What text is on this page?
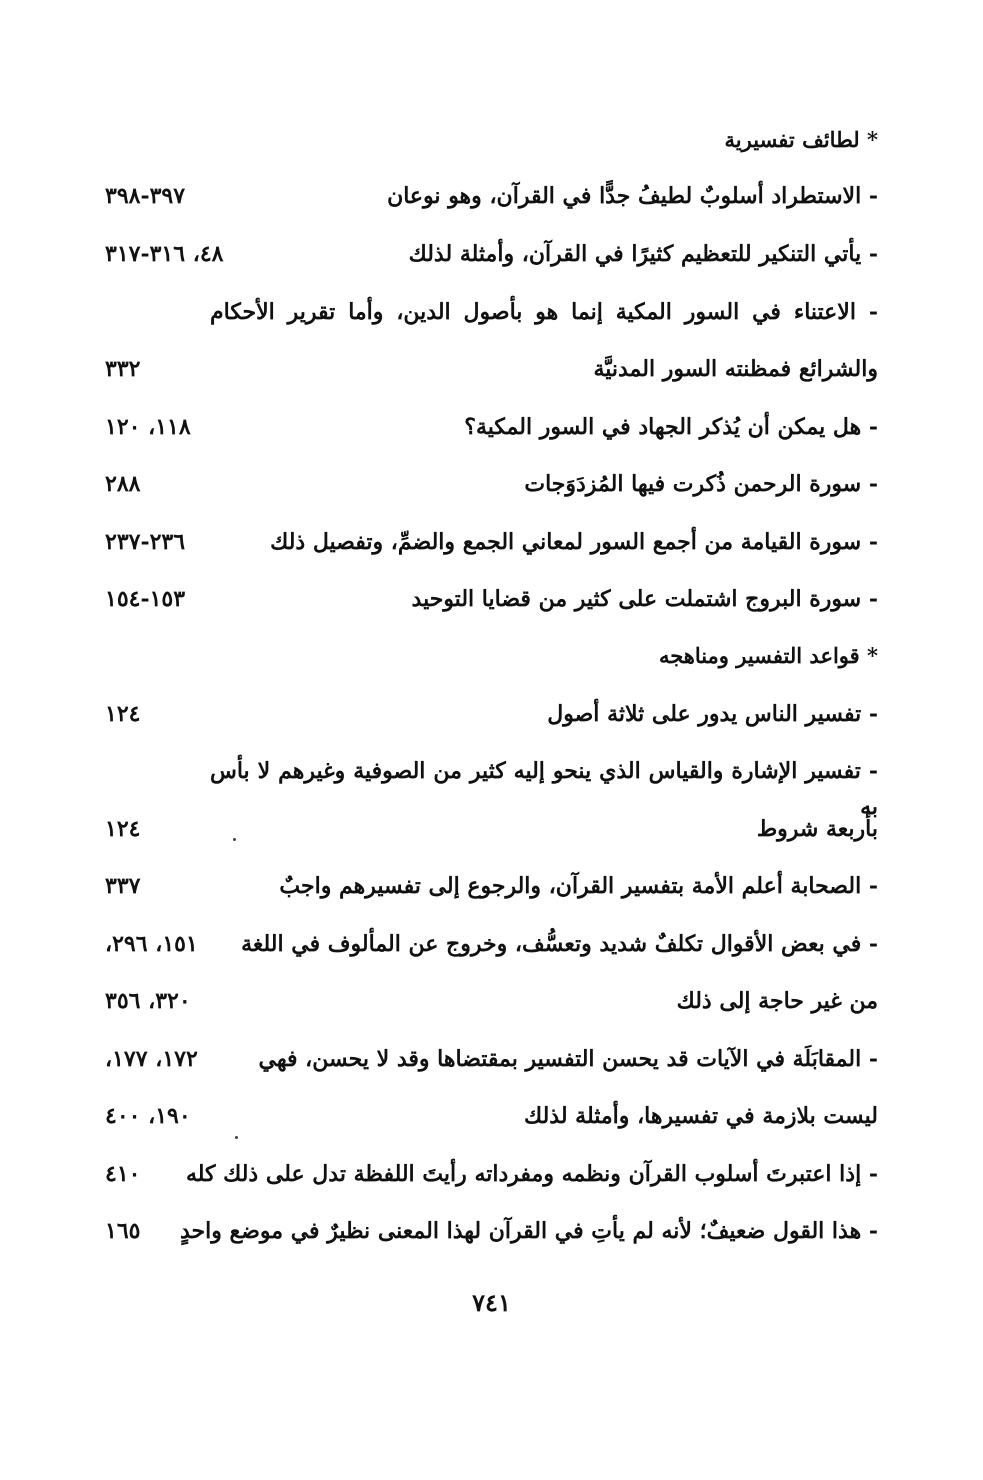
* لطائف تفسيرية
- الاستطراد أسلوبٌ لطيفُ جدًّا في القرآن، وهو نوعان
٣٩٧-٣٩٨
- يأتي التنكير للتعظيم كثيرًا في القرآن، وأمثلة لذلك
٤٨، ٣١٦-٣١٧
- الاعتناء في السور المكية إنما هو بأصول الدين، وأما تقرير الأحكام
والشرائع فمظنته السور المدنيَّة
٣٣٢
- هل يمكن أن يُذكر الجهاد في السور المكية؟
١١٨، ١٢٠
- سورة الرحمن ذُكرت فيها المُزدَوَجات
٢٨٨
- سورة القيامة من أجمع السور لمعاني الجمع والضمِّ، وتفصيل ذلك
٢٣٦-٢٣٧
- سورة البروج اشتملت على كثير من قضايا التوحيد
١٥٣-١٥٤
* قواعد التفسير ومناهجه
- تفسير الناس يدور على ثلاثة أصول
١٢٤
- تفسير الإشارة والقياس الذي ينحو إليه كثير من الصوفية وغيرهم لا بأس به
بأربعة شروط
١٢٤
- الصحابة أعلم الأمة بتفسير القرآن، والرجوع إلى تفسيرهم واجبٌ
٣٣٧
- في بعض الأقوال تكلفٌ شديد وتعسُّف، وخروج عن المألوف في اللغة
١٥١، ٢٩٦،
من غير حاجة إلى ذلك
٣٢٠، ٣٥٦
- المقابَلَة في الآيات قد يحسن التفسير بمقتضاها وقد لا يحسن، فهي
١٧٢، ١٧٧،
ليست بلازمة في تفسيرها، وأمثلة لذلك
١٩٠، ٤٠٠
- إذا اعتبرتَ أسلوب القرآن ونظمه ومفرداته رأيتَ اللفظة تدل على ذلك كله
٤١٠
- هذا القول ضعيفٌ؛ لأنه لم يأتِ في القرآن لهذا المعنى نظيرٌ في موضع واحدٍ
١٦٥
٧٤١
